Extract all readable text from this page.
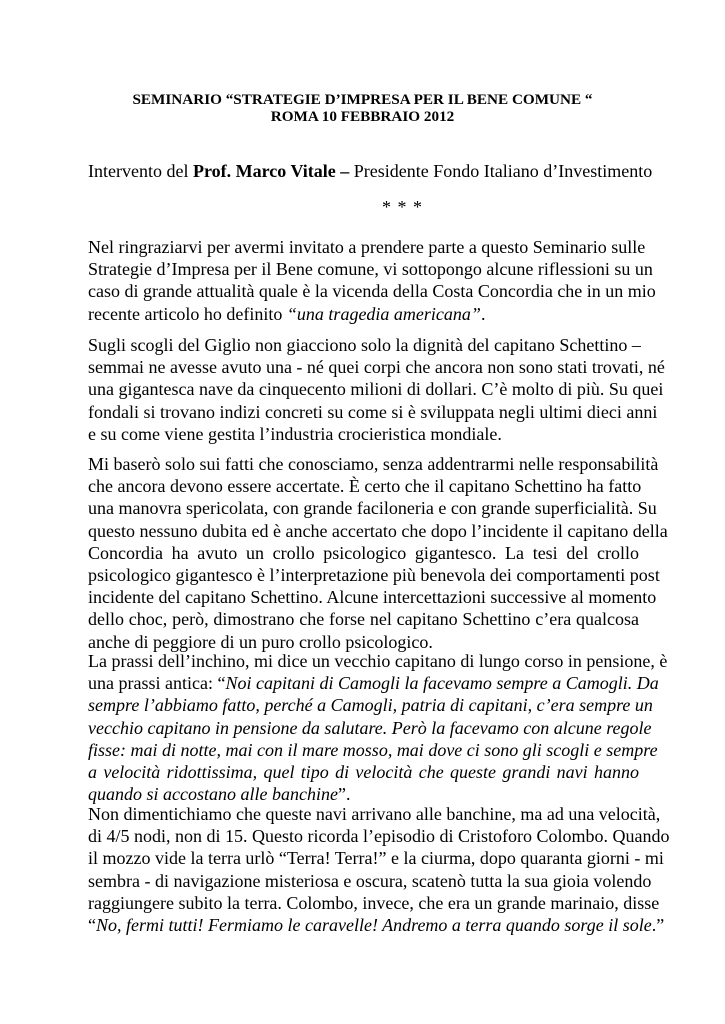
SEMINARIO “STRATEGIE D’IMPRESA PER IL BENE COMUNE “
ROMA 10 FEBBRAIO 2012
Intervento del Prof. Marco Vitale – Presidente Fondo Italiano d’Investimento
* * *
Nel ringraziarvi per avermi invitato a prendere parte a questo Seminario sulle
Strategie d’Impresa per il Bene comune, vi sottopongo alcune riflessioni su un
caso di grande attualità quale è la vicenda della Costa Concordia che in un mio
recente articolo ho definito “una tragedia americana”.
Sugli scogli del Giglio non giacciono solo la dignità del capitano Schettino –
semmai ne avesse avuto una - né quei corpi che ancora non sono stati trovati, né
una gigantesca nave da cinquecento milioni di dollari. C’è molto di più. Su quei
fondali si trovano indizi concreti su come si è sviluppata negli ultimi dieci anni
e su come viene gestita l’industria crocieristica mondiale.
Mi baserò solo sui fatti che conosciamo, senza addentrarmi nelle responsabilità
che ancora devono essere accertate. È certo che il capitano Schettino ha fatto
una manovra spericolata, con grande faciloneria e con grande superficialità. Su
questo nessuno dubita ed è anche accertato che dopo l’incidente il capitano della
Concordia ha avuto un crollo psicologico gigantesco. La tesi del crollo
psicologico gigantesco è l’interpretazione più benevola dei comportamenti post
incidente del capitano Schettino. Alcune intercettazioni successive al momento
dello choc, però, dimostrano che forse nel capitano Schettino c’era qualcosa
anche di peggiore di un puro crollo psicologico.
La prassi dell’inchino, mi dice un vecchio capitano di lungo corso in pensione, è
una prassi antica: “Noi capitani di Camogli la facevamo sempre a Camogli. Da
sempre l’abbiamo fatto, perché a Camogli, patria di capitani, c’era sempre un
vecchio capitano in pensione da salutare. Però la facevamo con alcune regole
fisse: mai di notte, mai con il mare mosso, mai dove ci sono gli scogli e sempre
a velocità ridottissima, quel tipo di velocità che queste grandi navi hanno
quando si accostano alle banchine”.
Non dimentichiamo che queste navi arrivano alle banchine, ma ad una velocità,
di 4/5 nodi, non di 15. Questo ricorda l’episodio di Cristoforo Colombo. Quando
il mozzo vide la terra urlò “Terra! Terra!” e la ciurma, dopo quaranta giorni - mi
sembra - di navigazione misteriosa e oscura, scatenò tutta la sua gioia volendo
raggiungere subito la terra. Colombo, invece, che era un grande marinaio, disse
“No, fermi tutti! Fermiamo le caravelle! Andremo a terra quando sorge il sole.”
